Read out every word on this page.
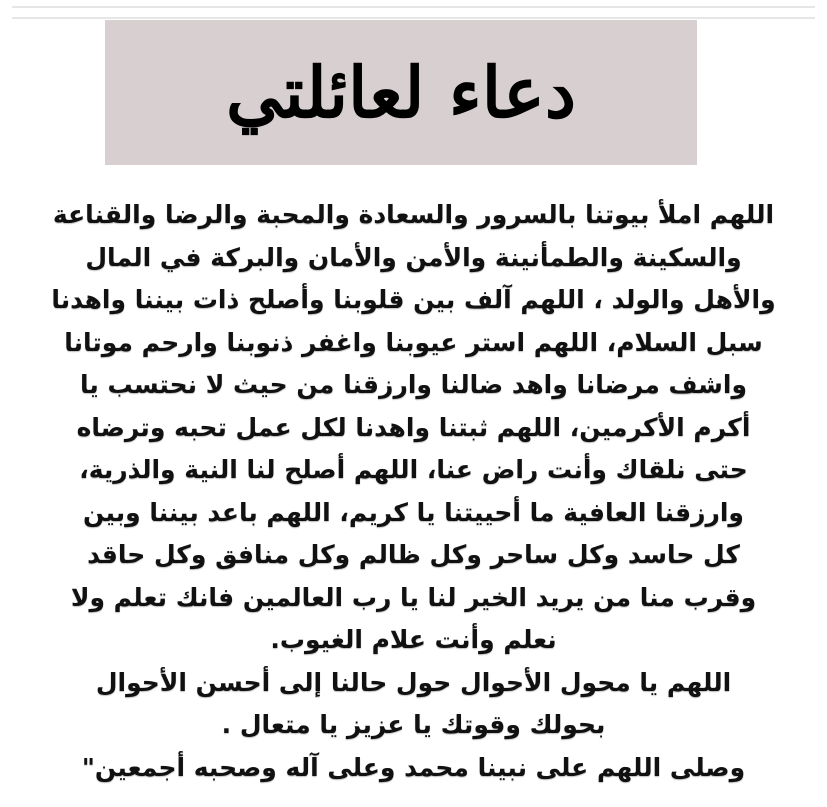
دعاء لعائلتي
اللهم املأ بيوتنا بالسرور والسعادة والمحبة والرضا والقناعة
والسكينة والطمأنينة والأمن والأمان والبركة في المال
والأهل والولد ، اللهم آلف بين قلوبنا وأصلح ذات بيننا واهدنا
سبل السلام، اللهم استر عيوبنا واغفر ذنوبنا وارحم موتانا
واشف مرضانا واهد ضالنا وارزقنا من حيث لا نحتسب يا
أكرم الأكرمين، اللهم ثبتنا واهدنا لكل عمل تحبه وترضاه
حتى نلقاك وأنت راض عنا، اللهم أصلح لنا النية والذرية،
وارزقنا العافية ما أحييتنا يا كريم، اللهم باعد بيننا وبين
كل حاسد وكل ساحر وكل ظالم وكل منافق وكل حاقد
وقرب منا من يريد الخير لنا يا رب العالمين فانك تعلم ولا
نعلم وأنت علام الغيوب.
اللهم يا محول الأحوال حول حالنا إلى أحسن الأحوال
بحولك وقوتك يا عزيز يا متعال .
وصلى اللهم على نبينا محمد وعلى آله وصحبه أجمعين"
